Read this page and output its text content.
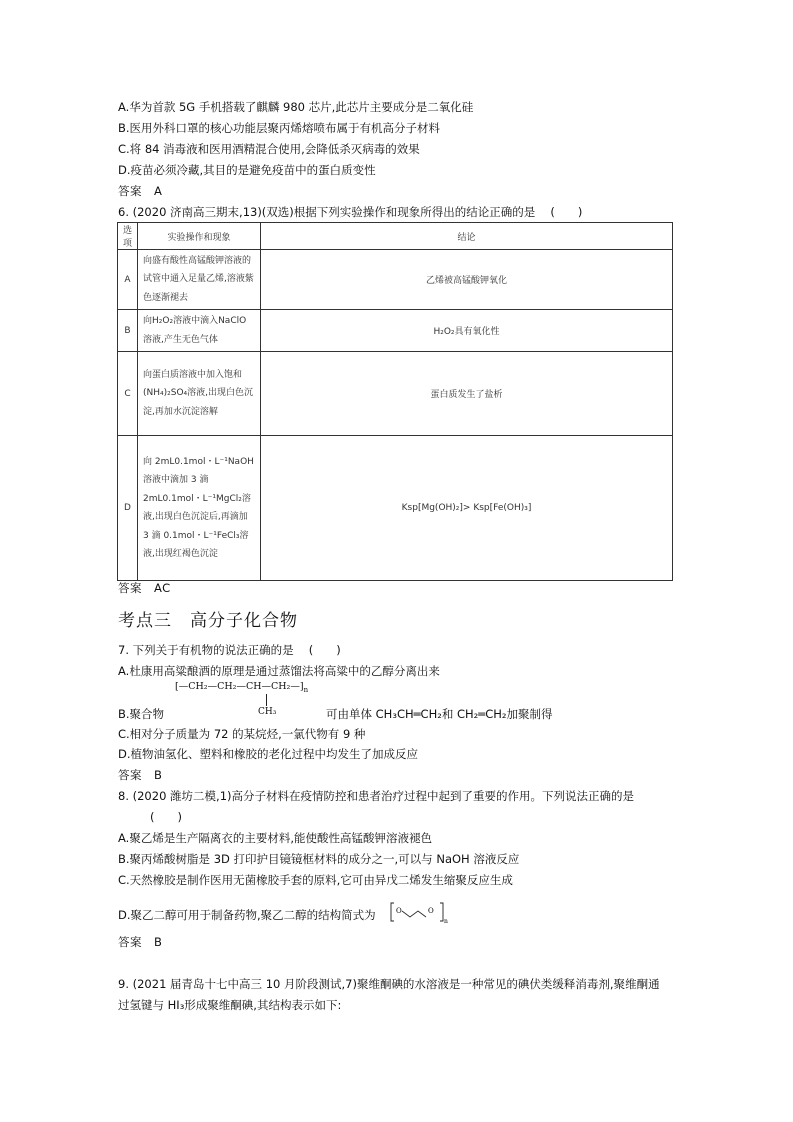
A.华为首款 5G 手机搭载了麒麟 980 芯片,此芯片主要成分是二氧化硅
B.医用外科口罩的核心功能层聚丙烯熔喷布属于有机高分子材料
C.将 84 消毒液和医用酒精混合使用,会降低杀灭病毒的效果
D.疫苗必须冷藏,其目的是避免疫苗中的蛋白质变性
答案　A
6. (2020 济南高三期末,13)(双选)根据下列实验操作和现象所得出的结论正确的是　 (　　)
选项	实验操作和现象	结论
A	向盛有酸性高锰酸钾溶液的试管中通入足量乙烯,溶液紫色逐渐褪去	乙烯被高锰酸钾氧化
B	向H₂O₂溶液中滴入NaClO溶液,产生无色气体	H₂O₂具有氧化性
C	向蛋白质溶液中加入饱和(NH₄)₂SO₄溶液,出现白色沉淀,再加水沉淀溶解	蛋白质发生了盐析
D	向 2mL0.1mol・L⁻¹NaOH溶液中滴加 3 滴 2mL0.1mol・L⁻¹MgCl₂溶液,出现白色沉淀后,再滴加 3 滴 0.1mol・L⁻¹FeCl₃溶液,出现红褐色沉淀	Ksp[Mg(OH)₂]> Ksp[Fe(OH)₃]
答案　AC
考点三　高分子化合物
7. 下列关于有机物的说法正确的是　 (　　)
A.杜康用高粱酿酒的原理是通过蒸馏法将高粱中的乙醇分离出来
$[—CH_2—CH_2—CH—CH_2—]_n$
CH₃
B.聚合物	可由单体 CH₃CH═CH₂和 CH₂═CH₂加聚制得
C.相对分子质量为 72 的某烷烃,一氯代物有 9 种
D.植物油氢化、塑料和橡胶的老化过程中均发生了加成反应
答案　B
8. (2020 潍坊二模,1)高分子材料在疫情防控和患者治疗过程中起到了重要的作用。下列说法正确的是
(　　)
A.聚乙烯是生产隔离衣的主要材料,能使酸性高锰酸钾溶液褪色
B.聚丙烯酸树脂是 3D 打印护目镜镜框材料的成分之一,可以与 NaOH 溶液反应
C.天然橡胶是制作医用无菌橡胶手套的原料,它可由异戊二烯发生缩聚反应生成
D.聚乙二醇可用于制备药物,聚乙二醇的结构简式为	O	O
n
答案　B
9. (2021 届青岛十七中高三 10 月阶段测试,7)聚维酮碘的水溶液是一种常见的碘伏类缓释消毒剂,聚维酮通
过氢键与 HI₃形成聚维酮碘,其结构表示如下:
